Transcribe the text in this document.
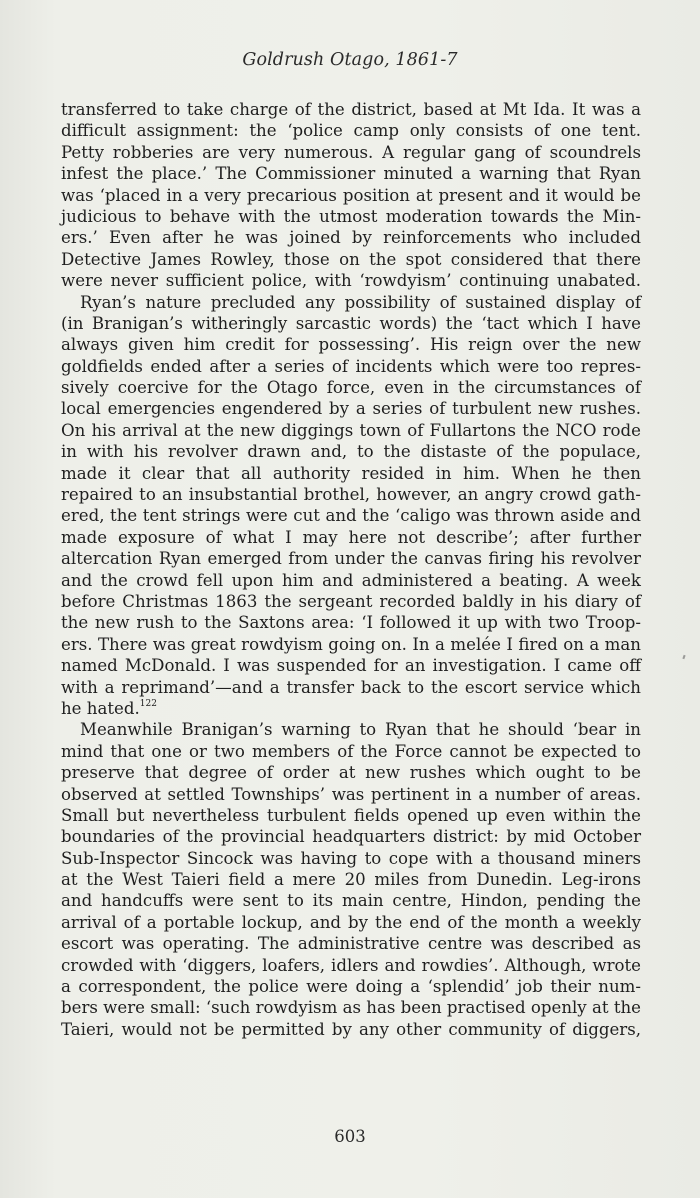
Goldrush Otago, 1861-7
transferred to take charge of the district, based at Mt Ida. It was a
difficult assignment: the ‘police camp only consists of one tent.
Petty robberies are very numerous. A regular gang of scoundrels
infest the place.’ The Commissioner minuted a warning that Ryan
was ‘placed in a very precarious position at present and it would be
judicious to behave with the utmost moderation towards the Min-
ers.’ Even after he was joined by reinforcements who included
Detective James Rowley, those on the spot considered that there
were never sufficient police, with ‘rowdyism’ continuing unabated.
Ryan’s nature precluded any possibility of sustained display of
(in Branigan’s witheringly sarcastic words) the ‘tact which I have
always given him credit for possessing’. His reign over the new
goldfields ended after a series of incidents which were too repres-
sively coercive for the Otago force, even in the circumstances of
local emergencies engendered by a series of turbulent new rushes.
On his arrival at the new diggings town of Fullartons the NCO rode
in with his revolver drawn and, to the distaste of the populace,
made it clear that all authority resided in him. When he then
repaired to an insubstantial brothel, however, an angry crowd gath-
ered, the tent strings were cut and the ‘caligo was thrown aside and
made exposure of what I may here not describe’; after further
altercation Ryan emerged from under the canvas firing his revolver
and the crowd fell upon him and administered a beating. A week
before Christmas 1863 the sergeant recorded baldly in his diary of
the new rush to the Saxtons area: ‘I followed it up with two Troop-
ers. There was great rowdyism going on. In a melée I fired on a man
named McDonald. I was suspended for an investigation. I came off
with a reprimand’—and a transfer back to the escort service which
he hated.$^{122}$
Meanwhile Branigan’s warning to Ryan that he should ‘bear in
mind that one or two members of the Force cannot be expected to
preserve that degree of order at new rushes which ought to be
observed at settled Townships’ was pertinent in a number of areas.
Small but nevertheless turbulent fields opened up even within the
boundaries of the provincial headquarters district: by mid October
Sub-Inspector Sincock was having to cope with a thousand miners
at the West Taieri field a mere 20 miles from Dunedin. Leg-irons
and handcuffs were sent to its main centre, Hindon, pending the
arrival of a portable lockup, and by the end of the month a weekly
escort was operating. The administrative centre was described as
crowded with ‘diggers, loafers, idlers and rowdies’. Although, wrote
a correspondent, the police were doing a ‘splendid’ job their num-
bers were small: ‘such rowdyism as has been practised openly at the
Taieri, would not be permitted by any other community of diggers,
603
